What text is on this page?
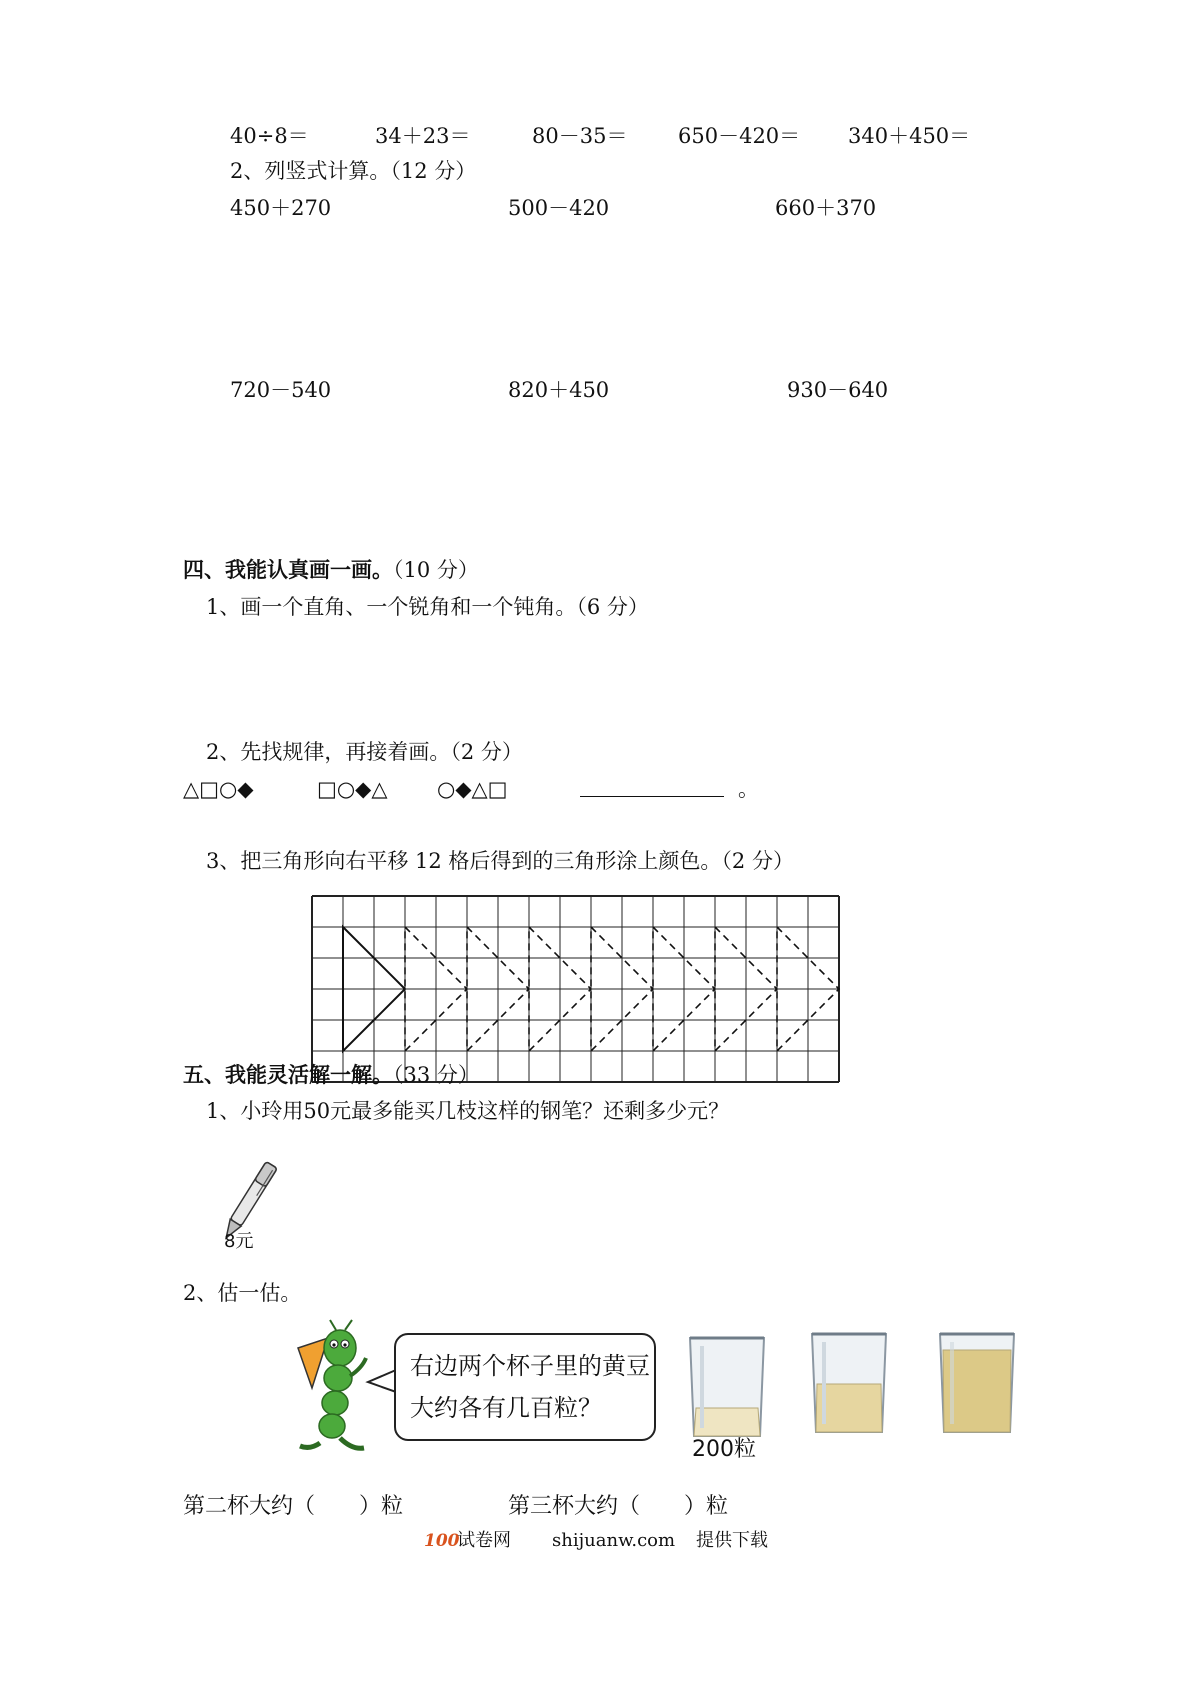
40÷8＝	34＋23＝	80－35＝ 650－420＝ 340＋450＝
2、列竖式计算。（12 分）
450＋270	500－420	660＋370
720－540	820＋450	930－640
四、我能认真画一画。（10 分）
1、画一个直角、一个锐角和一个钝角。（6 分）
2、先找规律，再接着画。（2 分）
△□○◆	□○◆△ ○◆△□	。
3、把三角形向右平移 12 格后得到的三角形涂上颜色。（2 分）
五、我能灵活解一解。（33 分）
1、小玲用50元最多能买几枝这样的钢笔？还剩多少元？
8元
2、估一估。
右边两个杯子里的黄豆
大约各有几百粒？
200粒
第二杯大约（　　）粒	第三杯大约（　　）粒
100
试卷网 shijuanw.com 提供下载
